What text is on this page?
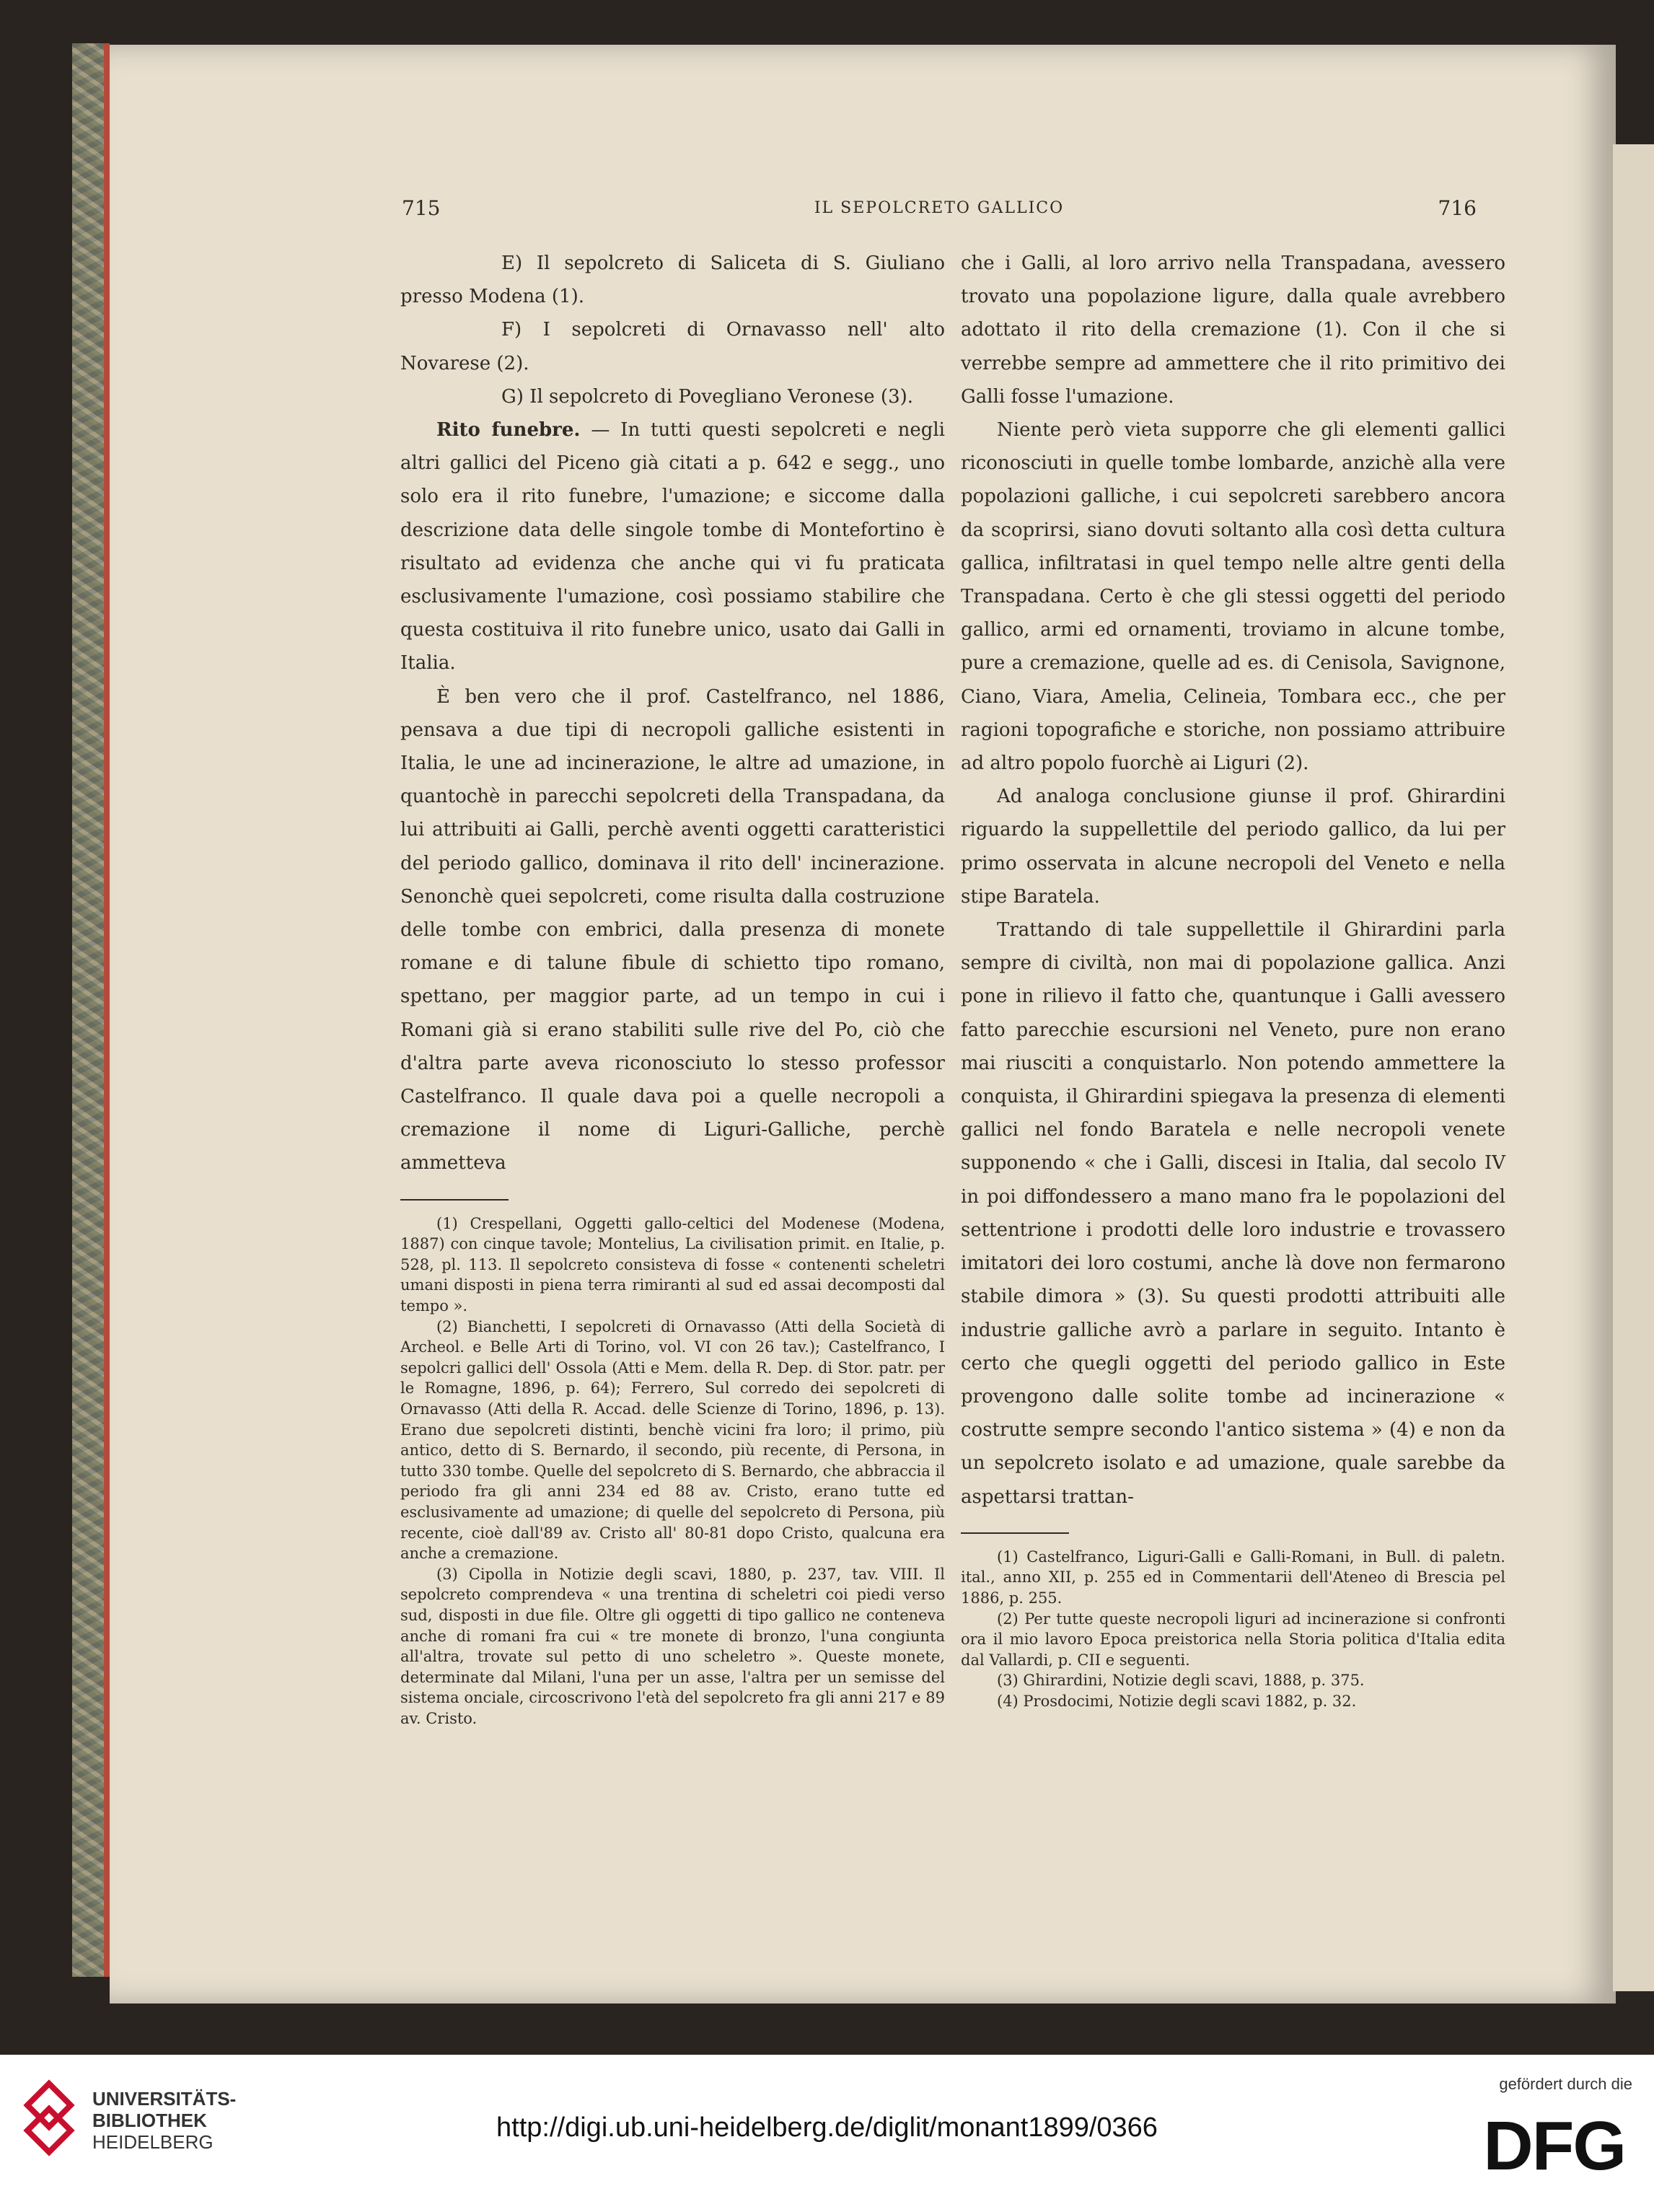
715	IL SEPOLCRETO GALLICO	716

E) Il sepolcreto di Saliceta di S. Giuliano presso Modena (1).

F) I sepolcreti di Ornavasso nell' alto Novarese (2).

G) Il sepolcreto di Povegliano Veronese (3).

Rito funebre. — In tutti questi sepolcreti e negli altri gallici del Piceno già citati a p. 642 e segg., uno solo era il rito funebre, l'umazione; e siccome dalla descrizione data delle singole tombe di Montefortino è risultato ad evidenza che anche qui vi fu praticata esclusivamente l'umazione, così possiamo stabilire che questa costituiva il rito funebre unico, usato dai Galli in Italia.

È ben vero che il prof. Castelfranco, nel 1886, pensava a due tipi di necropoli galliche esistenti in Italia, le une ad incinerazione, le altre ad umazione, in quantochè in parecchi sepolcreti della Transpadana, da lui attribuiti ai Galli, perchè aventi oggetti caratteristici del periodo gallico, dominava il rito dell' incinerazione. Senonchè quei sepolcreti, come risulta dalla costruzione delle tombe con embrici, dalla presenza di monete romane e di talune fibule di schietto tipo romano, spettano, per maggior parte, ad un tempo in cui i Romani già si erano stabiliti sulle rive del Po, ciò che d'altra parte aveva riconosciuto lo stesso professor Castelfranco. Il quale dava poi a quelle necropoli a cremazione il nome di Liguri-Galliche, perchè ammetteva

(1) Crespellani, Oggetti gallo-celtici del Modenese (Modena, 1887) con cinque tavole; Montelius, La civilisation primit. en Italie, p. 528, pl. 113. Il sepolcreto consisteva di fosse « contenenti scheletri umani disposti in piena terra rimiranti al sud ed assai decomposti dal tempo ».

(2) Bianchetti, I sepolcreti di Ornavasso (Atti della Società di Archeol. e Belle Arti di Torino, vol. VI con 26 tav.); Castelfranco, I sepolcri gallici dell' Ossola (Atti e Mem. della R. Dep. di Stor. patr. per le Romagne, 1896, p. 64); Ferrero, Sul corredo dei sepolcreti di Ornavasso (Atti della R. Accad. delle Scienze di Torino, 1896, p. 13). Erano due sepolcreti distinti, benchè vicini fra loro; il primo, più antico, detto di S. Bernardo, il secondo, più recente, di Persona, in tutto 330 tombe. Quelle del sepolcreto di S. Bernardo, che abbraccia il periodo fra gli anni 234 ed 88 av. Cristo, erano tutte ed esclusivamente ad umazione; di quelle del sepolcreto di Persona, più recente, cioè dall'89 av. Cristo all' 80-81 dopo Cristo, qualcuna era anche a cremazione.

(3) Cipolla in Notizie degli scavi, 1880, p. 237, tav. VIII. Il sepolcreto comprendeva « una trentina di scheletri coi piedi verso sud, disposti in due file. Oltre gli oggetti di tipo gallico ne conteneva anche di romani fra cui « tre monete di bronzo, l'una congiunta all'altra, trovate sul petto di uno scheletro ». Queste monete, determinate dal Milani, l'una per un asse, l'altra per un semisse del sistema onciale, circoscrivono l'età del sepolcreto fra gli anni 217 e 89 av. Cristo.

che i Galli, al loro arrivo nella Transpadana, avessero trovato una popolazione ligure, dalla quale avrebbero adottato il rito della cremazione (1). Con il che si verrebbe sempre ad ammettere che il rito primitivo dei Galli fosse l'umazione.

Niente però vieta supporre che gli elementi gallici riconosciuti in quelle tombe lombarde, anzichè alla vere popolazioni galliche, i cui sepolcreti sarebbero ancora da scoprirsi, siano dovuti soltanto alla così detta cultura gallica, infiltratasi in quel tempo nelle altre genti della Transpadana. Certo è che gli stessi oggetti del periodo gallico, armi ed ornamenti, troviamo in alcune tombe, pure a cremazione, quelle ad es. di Cenisola, Savignone, Ciano, Viara, Amelia, Celineia, Tombara ecc., che per ragioni topografiche e storiche, non possiamo attribuire ad altro popolo fuorchè ai Liguri (2).

Ad analoga conclusione giunse il prof. Ghirardini riguardo la suppellettile del periodo gallico, da lui per primo osservata in alcune necropoli del Veneto e nella stipe Baratela.

Trattando di tale suppellettile il Ghirardini parla sempre di civiltà, non mai di popolazione gallica. Anzi pone in rilievo il fatto che, quantunque i Galli avessero fatto parecchie escursioni nel Veneto, pure non erano mai riusciti a conquistarlo. Non potendo ammettere la conquista, il Ghirardini spiegava la presenza di elementi gallici nel fondo Baratela e nelle necropoli venete supponendo « che i Galli, discesi in Italia, dal secolo IV in poi diffondessero a mano mano fra le popolazioni del settentrione i prodotti delle loro industrie e trovassero imitatori dei loro costumi, anche là dove non fermarono stabile dimora » (3). Su questi prodotti attribuiti alle industrie galliche avrò a parlare in seguito. Intanto è certo che quegli oggetti del periodo gallico in Este provengono dalle solite tombe ad incinerazione « costrutte sempre secondo l'antico sistema » (4) e non da un sepolcreto isolato e ad umazione, quale sarebbe da aspettarsi trattan-

(1) Castelfranco, Liguri-Galli e Galli-Romani, in Bull. di paletn. ital., anno XII, p. 255 ed in Commentarii dell'Ateneo di Brescia pel 1886, p. 255.

(2) Per tutte queste necropoli liguri ad incinerazione si confronti ora il mio lavoro Epoca preistorica nella Storia politica d'Italia edita dal Vallardi, p. CII e seguenti.

(3) Ghirardini, Notizie degli scavi, 1888, p. 375.

(4) Prosdocimi, Notizie degli scavi 1882, p. 32.

UNIVERSITÄTS-
BIBLIOTHEK
HEIDELBERG	http://digi.ub.uni-heidelberg.de/diglit/monant1899/0366
gefördert durch die
DFG
